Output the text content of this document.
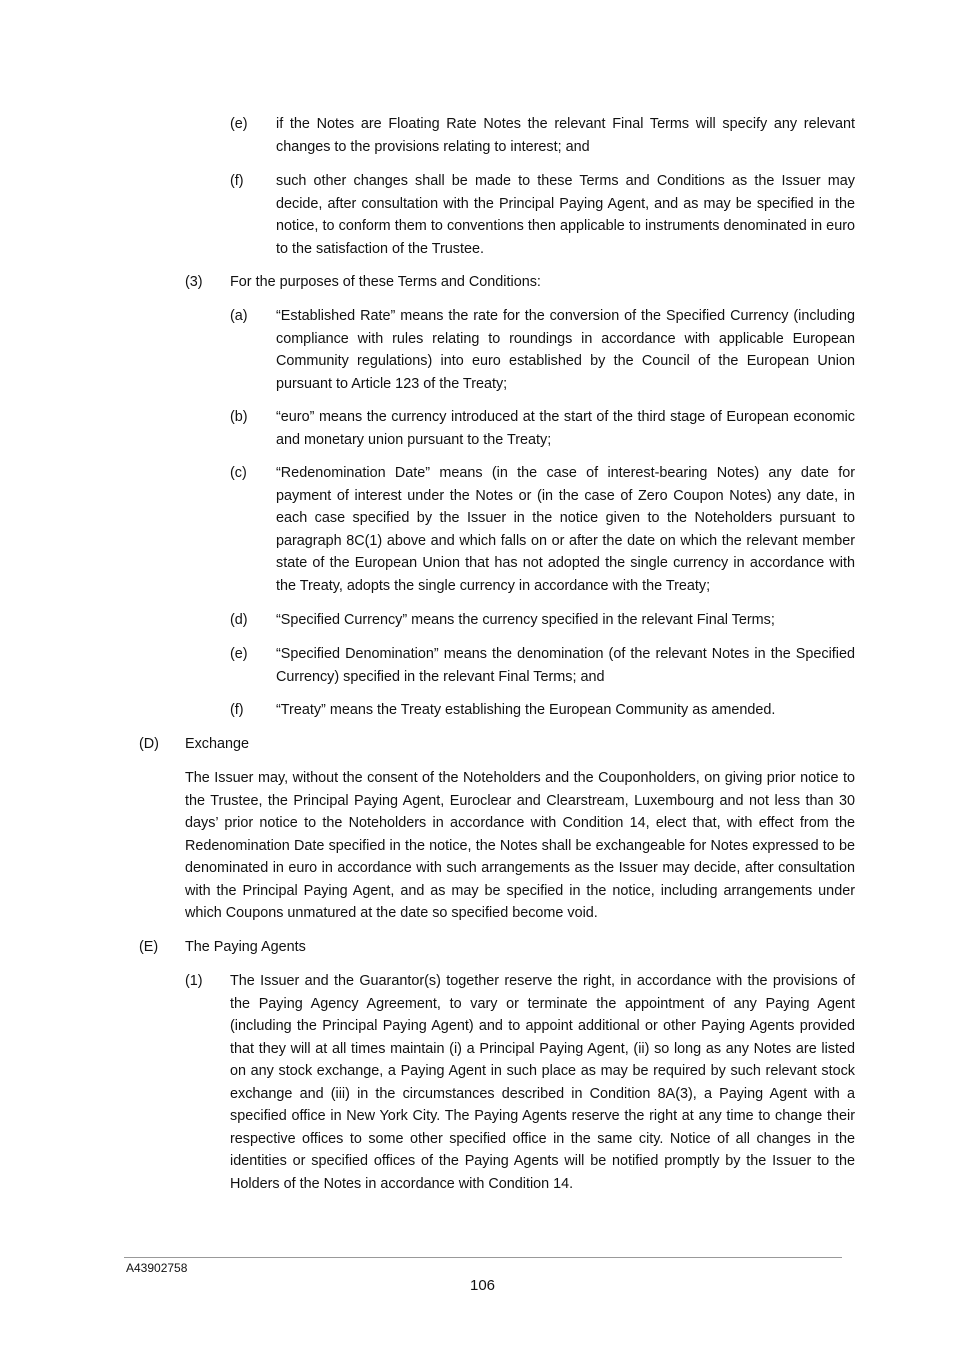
(e) if the Notes are Floating Rate Notes the relevant Final Terms will specify any relevant changes to the provisions relating to interest; and
(f) such other changes shall be made to these Terms and Conditions as the Issuer may decide, after consultation with the Principal Paying Agent, and as may be specified in the notice, to conform them to conventions then applicable to instruments denominated in euro to the satisfaction of the Trustee.
(3) For the purposes of these Terms and Conditions:
(a) “Established Rate” means the rate for the conversion of the Specified Currency (including compliance with rules relating to roundings in accordance with applicable European Community regulations) into euro established by the Council of the European Union pursuant to Article 123 of the Treaty;
(b) “euro” means the currency introduced at the start of the third stage of European economic and monetary union pursuant to the Treaty;
(c) “Redenomination Date” means (in the case of interest-bearing Notes) any date for payment of interest under the Notes or (in the case of Zero Coupon Notes) any date, in each case specified by the Issuer in the notice given to the Noteholders pursuant to paragraph 8C(1) above and which falls on or after the date on which the relevant member state of the European Union that has not adopted the single currency in accordance with the Treaty, adopts the single currency in accordance with the Treaty;
(d) “Specified Currency” means the currency specified in the relevant Final Terms;
(e) “Specified Denomination” means the denomination (of the relevant Notes in the Specified Currency) specified in the relevant Final Terms; and
(f) “Treaty” means the Treaty establishing the European Community as amended.
(D)	Exchange
The Issuer may, without the consent of the Noteholders and the Couponholders, on giving prior notice to the Trustee, the Principal Paying Agent, Euroclear and Clearstream, Luxembourg and not less than 30 days’ prior notice to the Noteholders in accordance with Condition 14, elect that, with effect from the Redenomination Date specified in the notice, the Notes shall be exchangeable for Notes expressed to be denominated in euro in accordance with such arrangements as the Issuer may decide, after consultation with the Principal Paying Agent, and as may be specified in the notice, including arrangements under which Coupons unmatured at the date so specified become void.
(E)	The Paying Agents
(1) The Issuer and the Guarantor(s) together reserve the right, in accordance with the provisions of the Paying Agency Agreement, to vary or terminate the appointment of any Paying Agent (including the Principal Paying Agent) and to appoint additional or other Paying Agents provided that they will at all times maintain (i) a Principal Paying Agent, (ii) so long as any Notes are listed on any stock exchange, a Paying Agent in such place as may be required by such relevant stock exchange and (iii) in the circumstances described in Condition 8A(3), a Paying Agent with a specified office in New York City. The Paying Agents reserve the right at any time to change their respective offices to some other specified office in the same city. Notice of all changes in the identities or specified offices of the Paying Agents will be notified promptly by the Issuer to the Holders of the Notes in accordance with Condition 14.
A43902758
106
